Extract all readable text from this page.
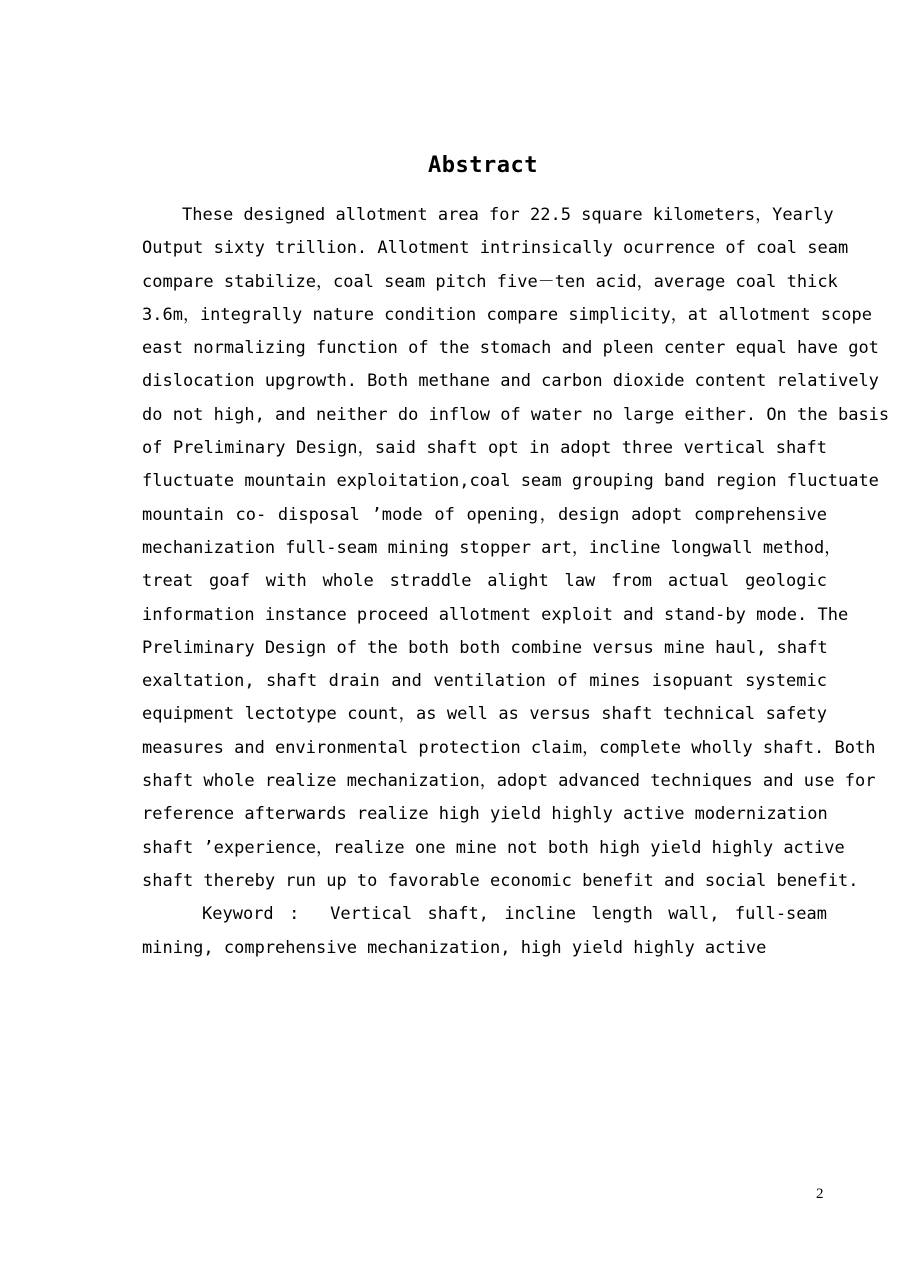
Abstract
These designed allotment area for 22.5 square kilometers，Yearly
Output sixty trillion. Allotment intrinsically ocurrence of coal seam
compare stabilize，coal seam pitch five－ten acid，average coal thick
3.6m，integrally nature condition compare simplicity，at allotment scope
east normalizing function of the stomach and pleen center equal have got
dislocation upgrowth. Both methane and carbon dioxide content relatively
do not high, and neither do inflow of water no large either. On the basis
of Preliminary Design，said shaft opt in adopt three vertical shaft
fluctuate mountain exploitation,coal seam grouping band region fluctuate
mountain co- disposal ’mode of opening，design adopt comprehensive
mechanization full-seam mining stopper art，incline longwall method，
treat goaf with whole straddle alight law from actual geologic
information instance proceed allotment exploit and stand-by mode. The
Preliminary Design of the both both combine versus mine haul, shaft
exaltation, shaft drain and ventilation of mines isopuant systemic
equipment lectotype count，as well as versus shaft technical safety
measures and environmental protection claim，complete wholly shaft. Both
shaft whole realize mechanization，adopt advanced techniques and use for
reference afterwards realize high yield highly active modernization
shaft ’experience，realize one mine not both high yield highly active
shaft thereby run up to favorable economic benefit and social benefit.
Keyword :  Vertical shaft, incline length wall, full-seam
mining, comprehensive mechanization, high yield highly active
2
